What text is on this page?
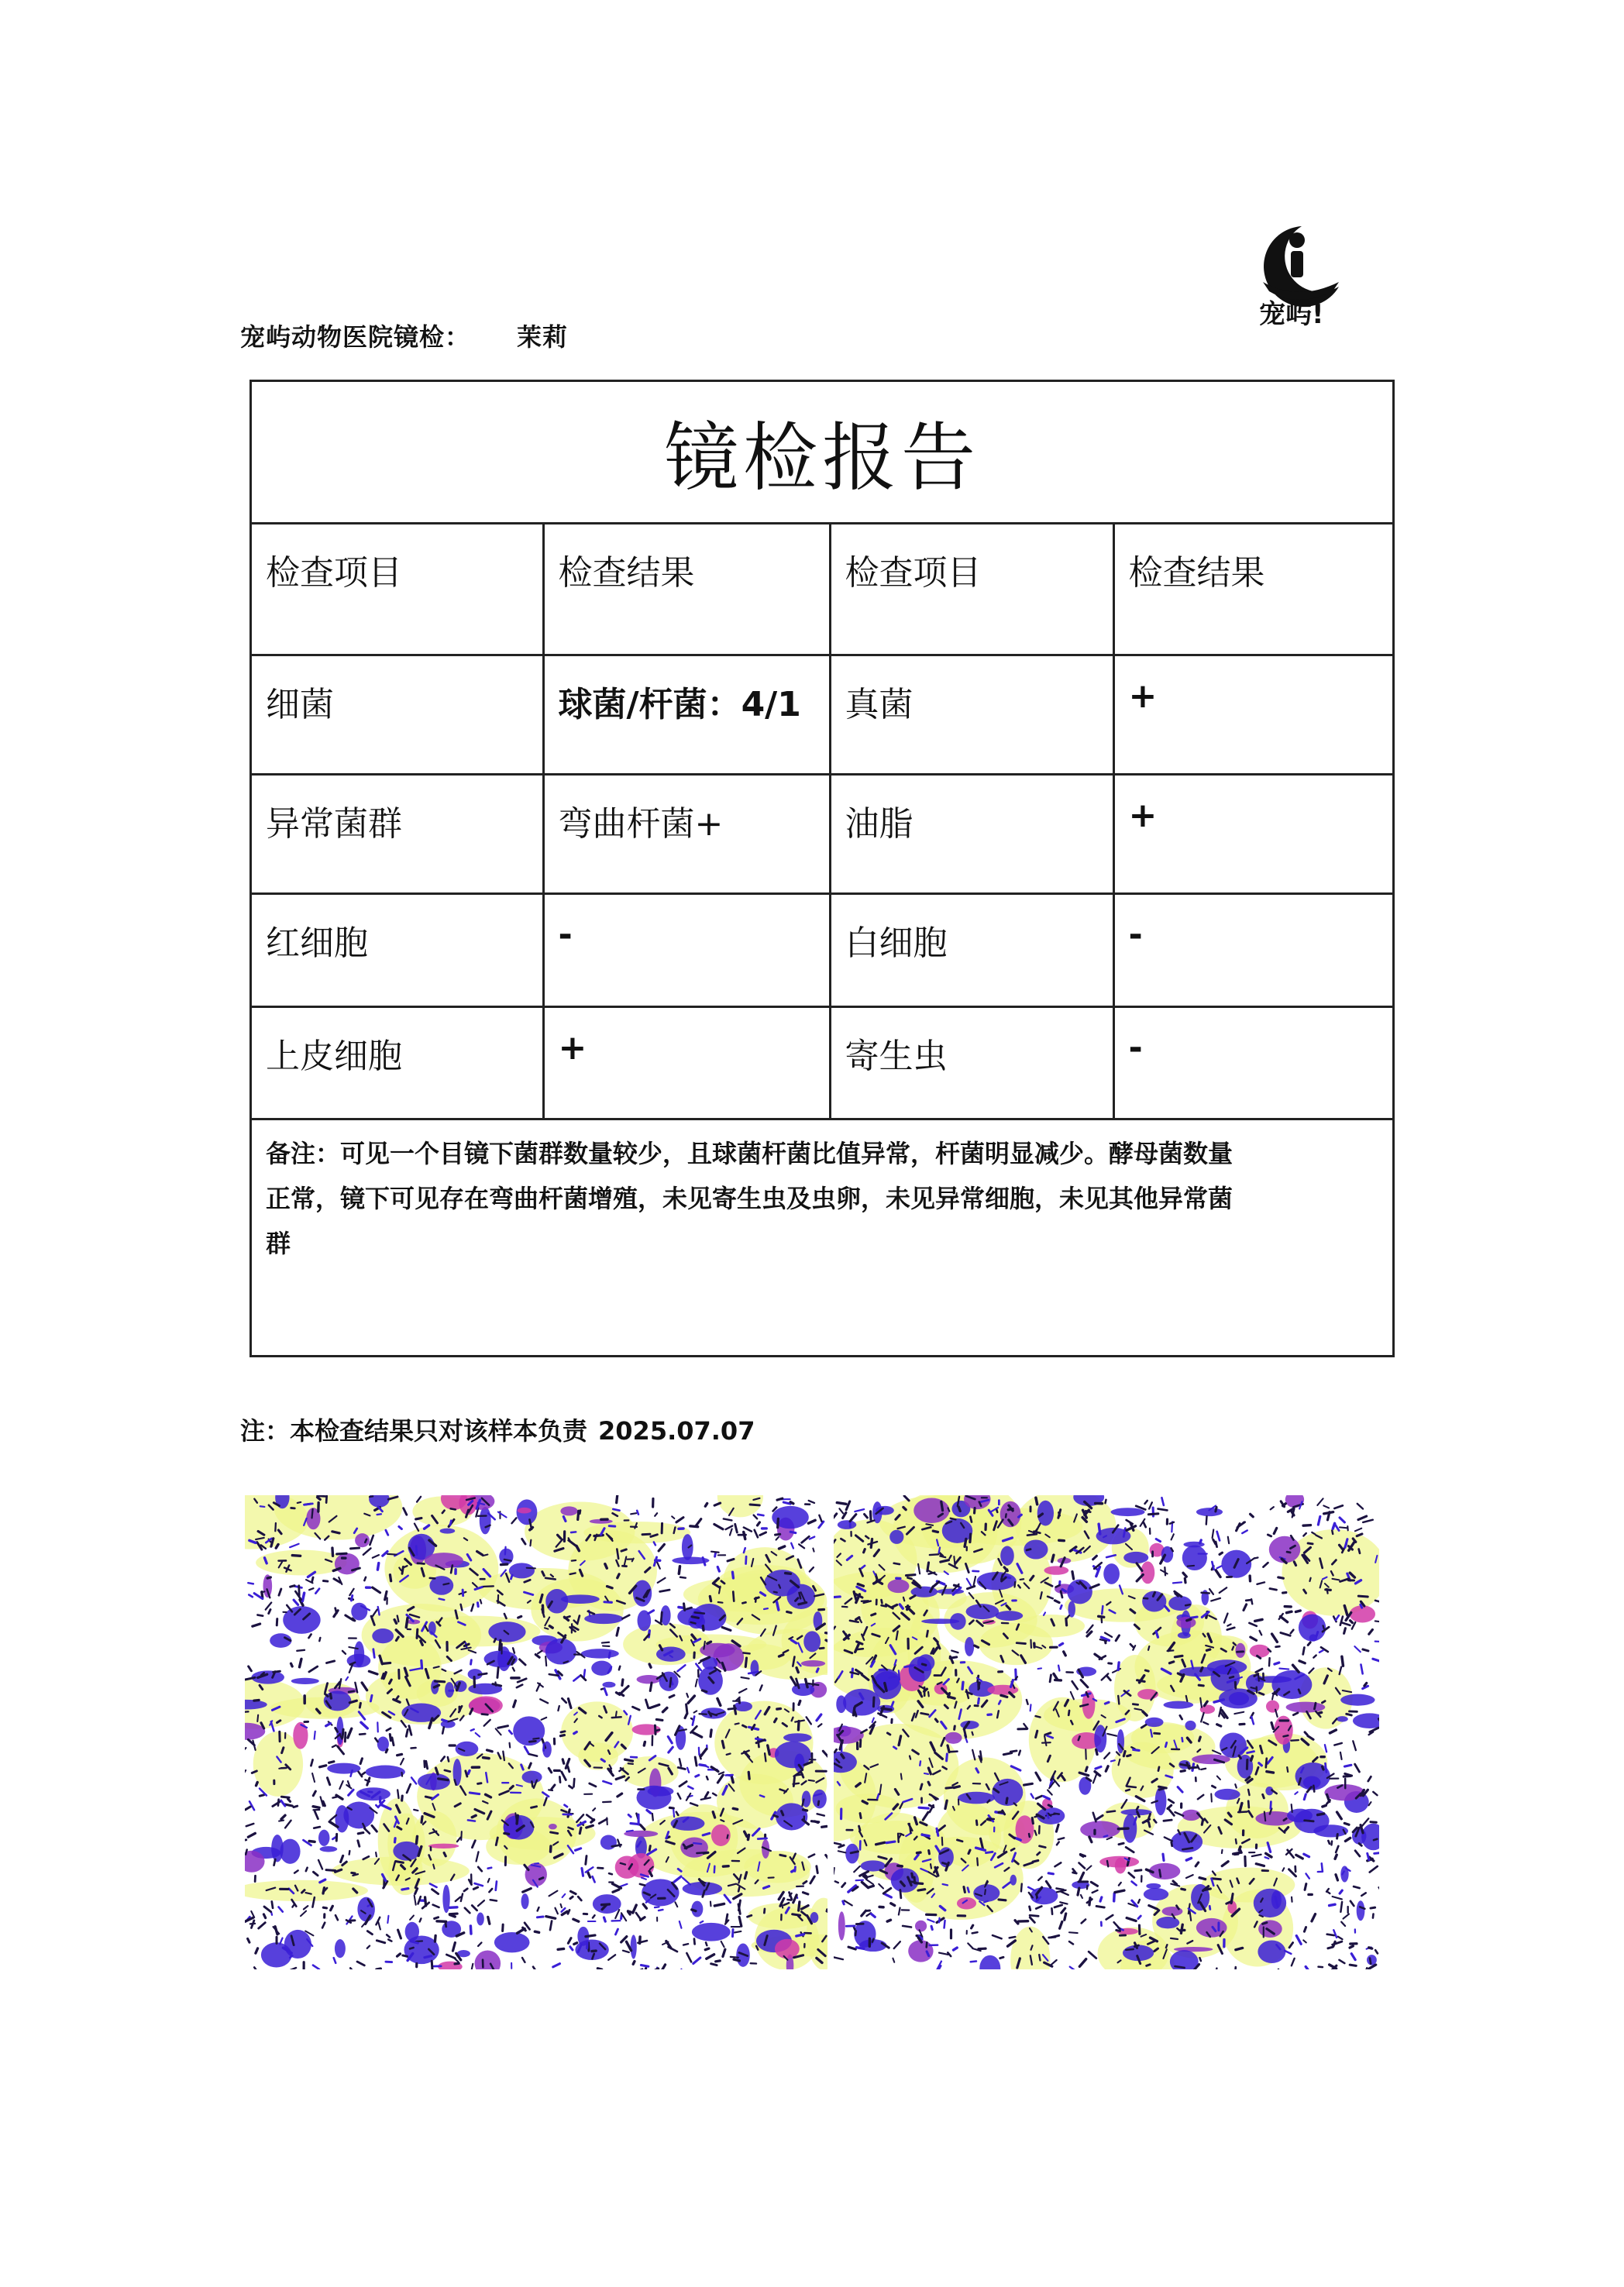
宠屿!
宠屿动物医院镜检： 茉莉
镜检报告
检查项目	检查结果	检查项目	检查结果
细菌	球菌/杆菌：4/1	真菌	+
异常菌群	弯曲杆菌+	油脂	+
红细胞	-	白细胞	-
上皮细胞	+	寄生虫	-
备注：可见一个目镜下菌群数量较少，且球菌杆菌比值异常，杆菌明显减少。酵母菌数量
正常，镜下可见存在弯曲杆菌增殖，未见寄生虫及虫卵，未见异常细胞，未见其他异常菌
群
注：本检查结果只对该样本负责 2025.07.07
